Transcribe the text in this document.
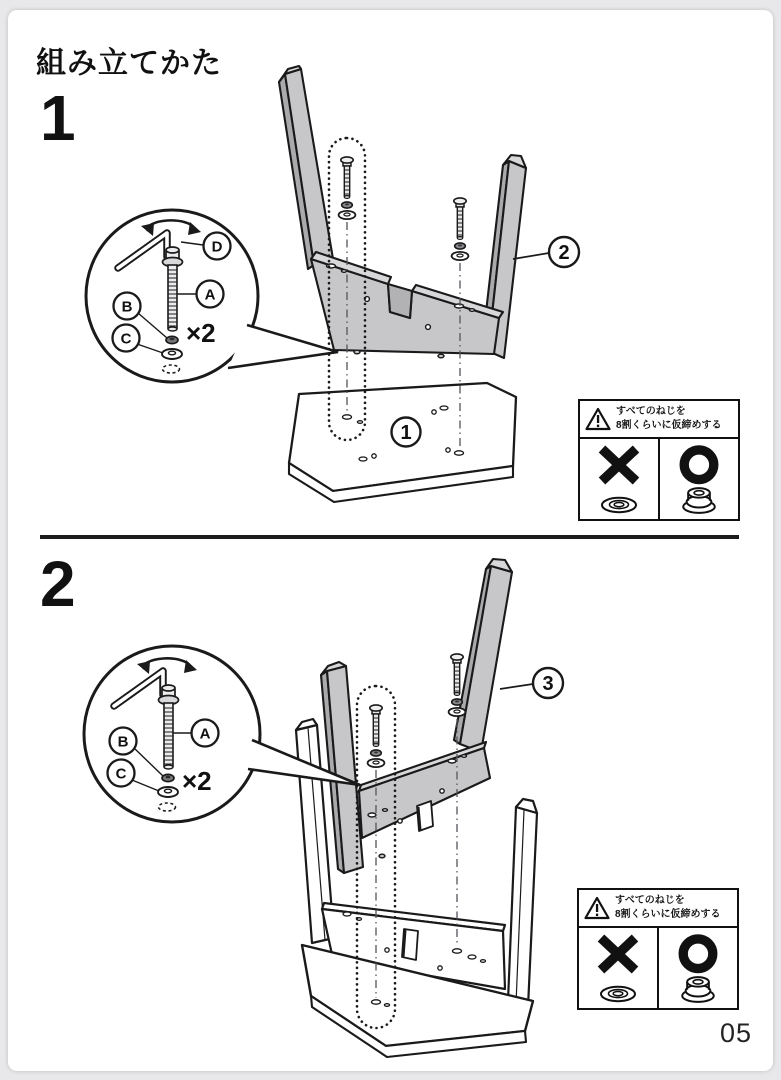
組み立てかた
1
2
1
2
D
A
B
C ×2
3
A
B
C ×2
すべてのねじを
8割くらいに仮締めする
すべてのねじを
8割くらいに仮締めする
05
